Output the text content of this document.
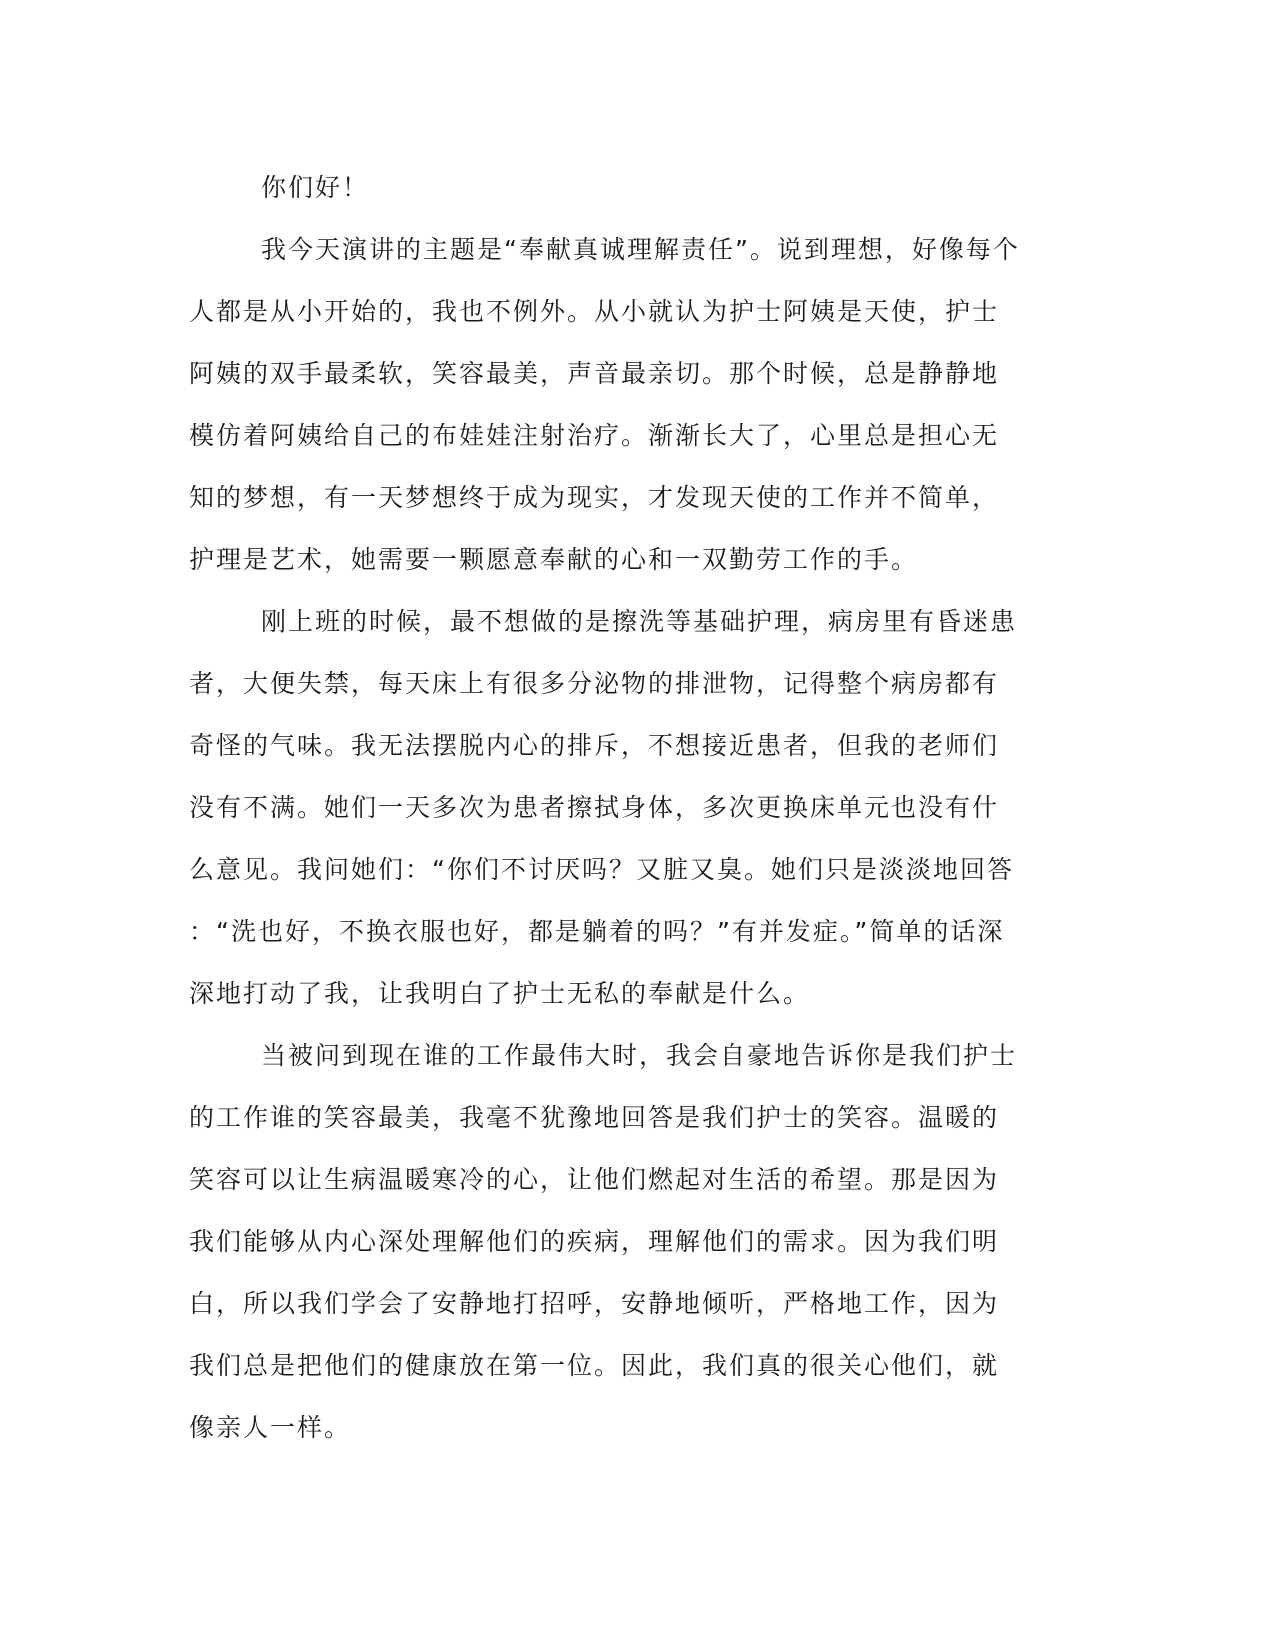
你们好！

我今天演讲的主题是“奉献真诚理解责任”。说到理想，好像每个
人都是从小开始的，我也不例外。从小就认为护士阿姨是天使，护士
阿姨的双手最柔软，笑容最美，声音最亲切。那个时候，总是静静地
模仿着阿姨给自己的布娃娃注射治疗。渐渐长大了，心里总是担心无
知的梦想，有一天梦想终于成为现实，才发现天使的工作并不简单，
护理是艺术，她需要一颗愿意奉献的心和一双勤劳工作的手。

刚上班的时候，最不想做的是擦洗等基础护理，病房里有昏迷患
者，大便失禁，每天床上有很多分泌物的排泄物，记得整个病房都有
奇怪的气味。我无法摆脱内心的排斥，不想接近患者，但我的老师们
没有不满。她们一天多次为患者擦拭身体，多次更换床单元也没有什
么意见。我问她们：“你们不讨厌吗？又脏又臭。她们只是淡淡地回答
：“洗也好，不换衣服也好，都是躺着的吗？”有并发症。”简单的话深
深地打动了我，让我明白了护士无私的奉献是什么。

当被问到现在谁的工作最伟大时，我会自豪地告诉你是我们护士
的工作谁的笑容最美，我毫不犹豫地回答是我们护士的笑容。温暖的
笑容可以让生病温暖寒冷的心，让他们燃起对生活的希望。那是因为
我们能够从内心深处理解他们的疾病，理解他们的需求。因为我们明
白，所以我们学会了安静地打招呼，安静地倾听，严格地工作，因为
我们总是把他们的健康放在第一位。因此，我们真的很关心他们，就
像亲人一样。
